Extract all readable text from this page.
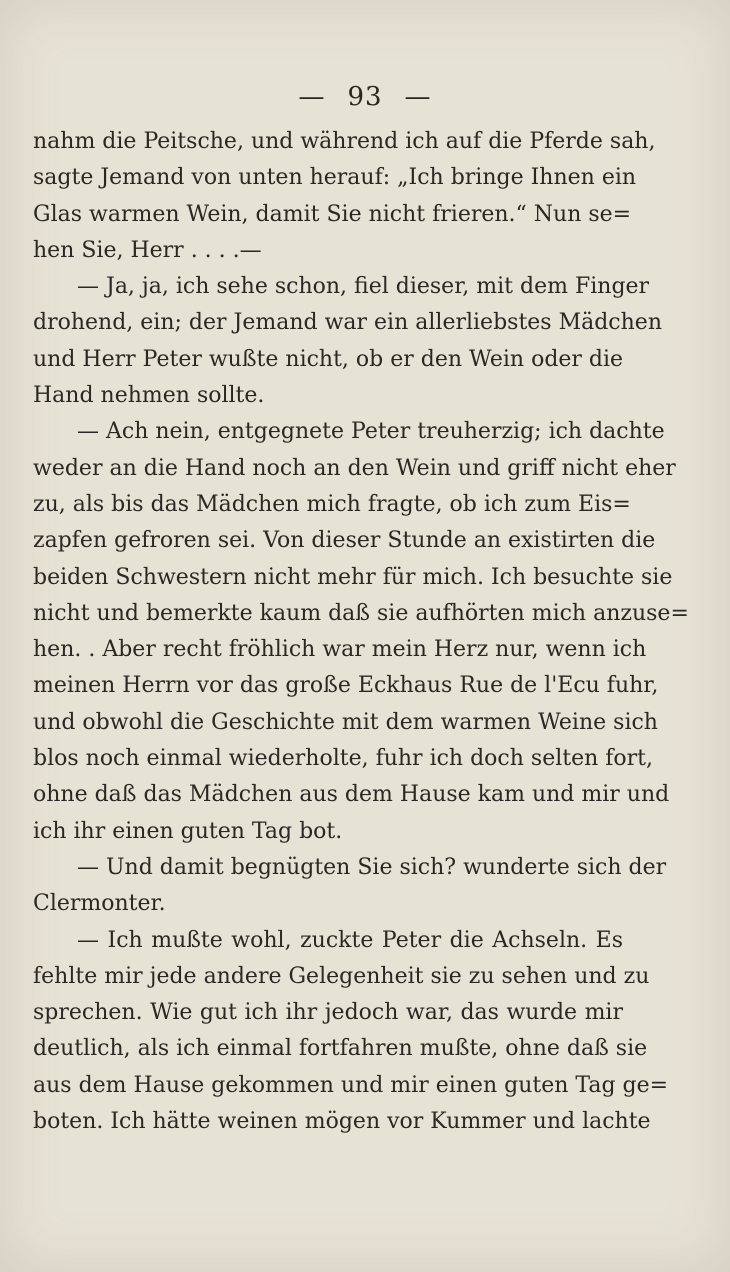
— 93 —
nahm die Peitsche, und während ich auf die Pferde sah,
sagte Jemand von unten herauf: „Ich bringe Ihnen ein
Glas warmen Wein, damit Sie nicht frieren.“ Nun se=
hen Sie, Herr . . . .—
— Ja, ja, ich sehe schon, fiel dieser, mit dem Finger
drohend, ein; der Jemand war ein allerliebstes Mädchen
und Herr Peter wußte nicht, ob er den Wein oder die
Hand nehmen sollte.
— Ach nein, entgegnete Peter treuherzig; ich dachte
weder an die Hand noch an den Wein und griff nicht eher
zu, als bis das Mädchen mich fragte, ob ich zum Eis=
zapfen gefroren sei. Von dieser Stunde an existirten die
beiden Schwestern nicht mehr für mich. Ich besuchte sie
nicht und bemerkte kaum daß sie aufhörten mich anzuse=
hen. . Aber recht fröhlich war mein Herz nur, wenn ich
meinen Herrn vor das große Eckhaus Rue de l'Ecu fuhr,
und obwohl die Geschichte mit dem warmen Weine sich
blos noch einmal wiederholte, fuhr ich doch selten fort,
ohne daß das Mädchen aus dem Hause kam und mir und
ich ihr einen guten Tag bot.
— Und damit begnügten Sie sich? wunderte sich der
Clermonter.
— Ich mußte wohl, zuckte Peter die Achseln. Es
fehlte mir jede andere Gelegenheit sie zu sehen und zu
sprechen. Wie gut ich ihr jedoch war, das wurde mir
deutlich, als ich einmal fortfahren mußte, ohne daß sie
aus dem Hause gekommen und mir einen guten Tag ge=
boten. Ich hätte weinen mögen vor Kummer und lachte
